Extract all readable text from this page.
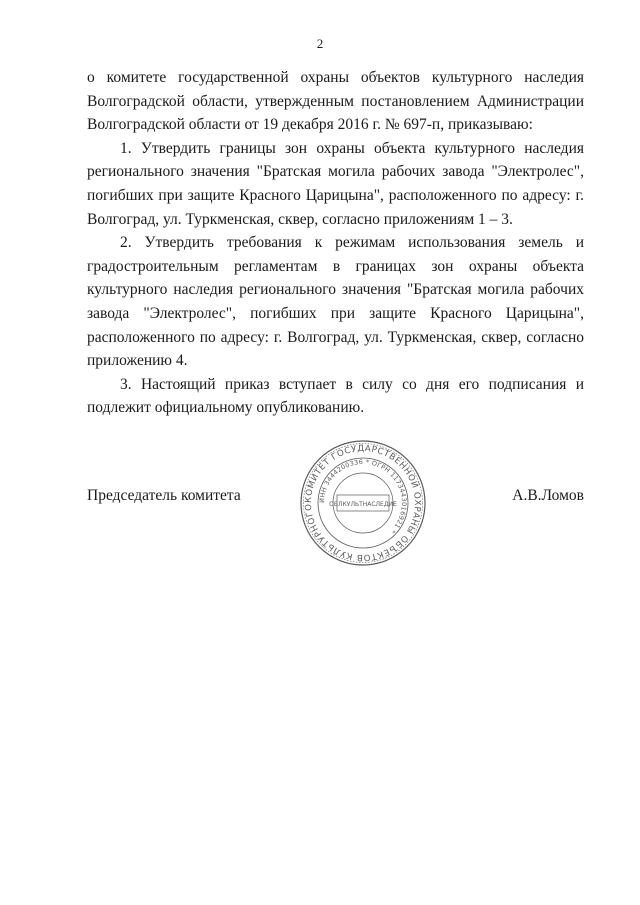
2

о комитете государственной охраны объектов культурного наследия Волгоградской области, утвержденным постановлением Администрации Волгоградской области от 19 декабря 2016 г. № 697-п, приказываю:

1. Утвердить границы зон охраны объекта культурного наследия регионального значения "Братская могила рабочих завода "Электролес", погибших при защите Красного Царицына", расположенного по адресу: г. Волгоград, ул. Туркменская, сквер, согласно приложениям 1 – 3.

2. Утвердить требования к режимам использования земель и градостроительным регламентам в границах зон охраны объекта культурного наследия регионального значения "Братская могила рабочих завода "Электролес", погибших при защите Красного Царицына", расположенного по адресу: г. Волгоград, ул. Туркменская, сквер, согласно приложению 4.

3. Настоящий приказ вступает в силу со дня его подписания и подлежит официальному опубликованию.

Председатель комитета	А.В.Ломов
КОМИТЕТ ГОСУДАРСТВЕННОЙ ОХРАНЫ ОБЪЕКТОВ КУЛЬТУРНОГО
ИНН 3444200336 * ОГРН 1173443016921 *
ОБЛКУЛЬТНАСЛЕДИЕ
